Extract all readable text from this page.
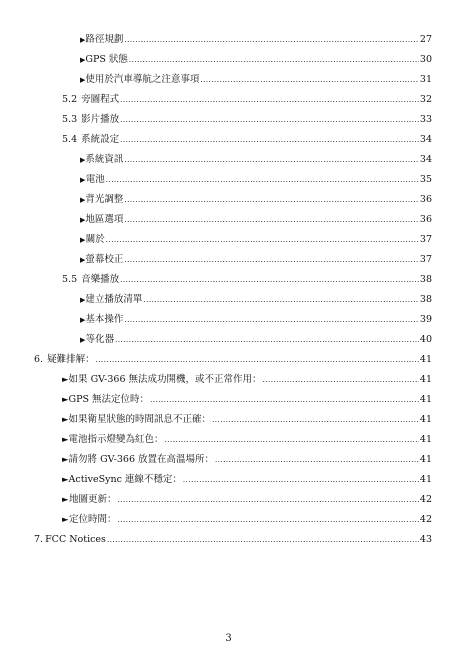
▶ 路徑規劃 .....	27
▶ GPS 狀態 .....	30
▶ 使用於汽車導航之注意事項 .....	31
5.2 旁圖程式 .....	32
5.3 影片播放 .....	33
5.4 系統設定 .....	34
▶ 系統資訊 .....	34
▶ 電池 .....	35
▶ 背光調整 .....	36
▶ 地區選項 .....	36
▶ 關於 .....	37
▶ 螢幕校正 .....	37
5.5 音樂播放 .....	38
▶ 建立播放清單 .....	38
▶ 基本操作 .....	39
▶ 等化器 .....	40
6. 疑難排解： .....	41
► 如果 GV-366 無法成功開機，或不正常作用： .....	41
► GPS 無法定位時： .....	41
► 如果衛星狀態的時間訊息不正確： .....	41
► 電池指示燈變為紅色： .....	41
► 請勿將 GV-366 放置在高溫場所： .....	41
► ActiveSync 連線不穩定： .....	41
► 地圖更新： .....	42
► 定位時間： .....	42
7. FCC Notices .....	43
3
